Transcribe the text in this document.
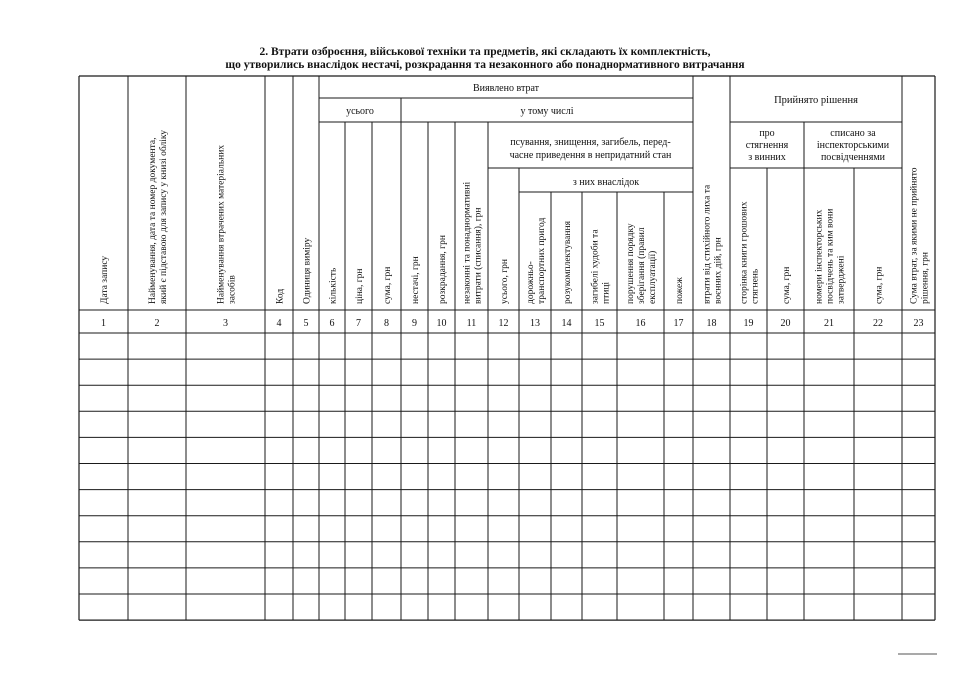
2. Втрати озброєння, військової техніки та предметів, які складають їх комплектність,
що утворились внаслідок нестачі, розкрадання та незаконного або понаднормативного витрачання
Виявлено втрат
усього	у тому числі
псування, знищення, загибель, перед-
часне приведення в непридатний стан
з них внаслідок
Прийнято рішення
про
стягнення
з винних
списано за
інспекторськими
посвідченнями
Дата запису
1
Найменування, дата та номер документа, який є підставою для запису у книзі обліку
2
Найменування втрачених матеріальних засобів
3
Код
4
Одиниця виміру
5
кількість
6
ціна, грн
7
сума, грн
8
нестачі, грн
9
розкрадання, грн
10
незаконні та понаднормативні витрати (списання), грн
11
усього, грн
12
дорожньо- транспортних пригод
13
розукомплектування
14
загибелі худоби та птиці
15
порушення порядку зберігання (правил експлуатації)
16
пожеж
17
втрати від стихійного лиха та воєнних дій, грн
18
сторінка книги грошових стягнень
19
сума, грн
20
номери інспекторських посвідчень та ким вони затверджені
21
сума, грн
22
Сума втрат, за якими не прийнято рішення, грн
23
